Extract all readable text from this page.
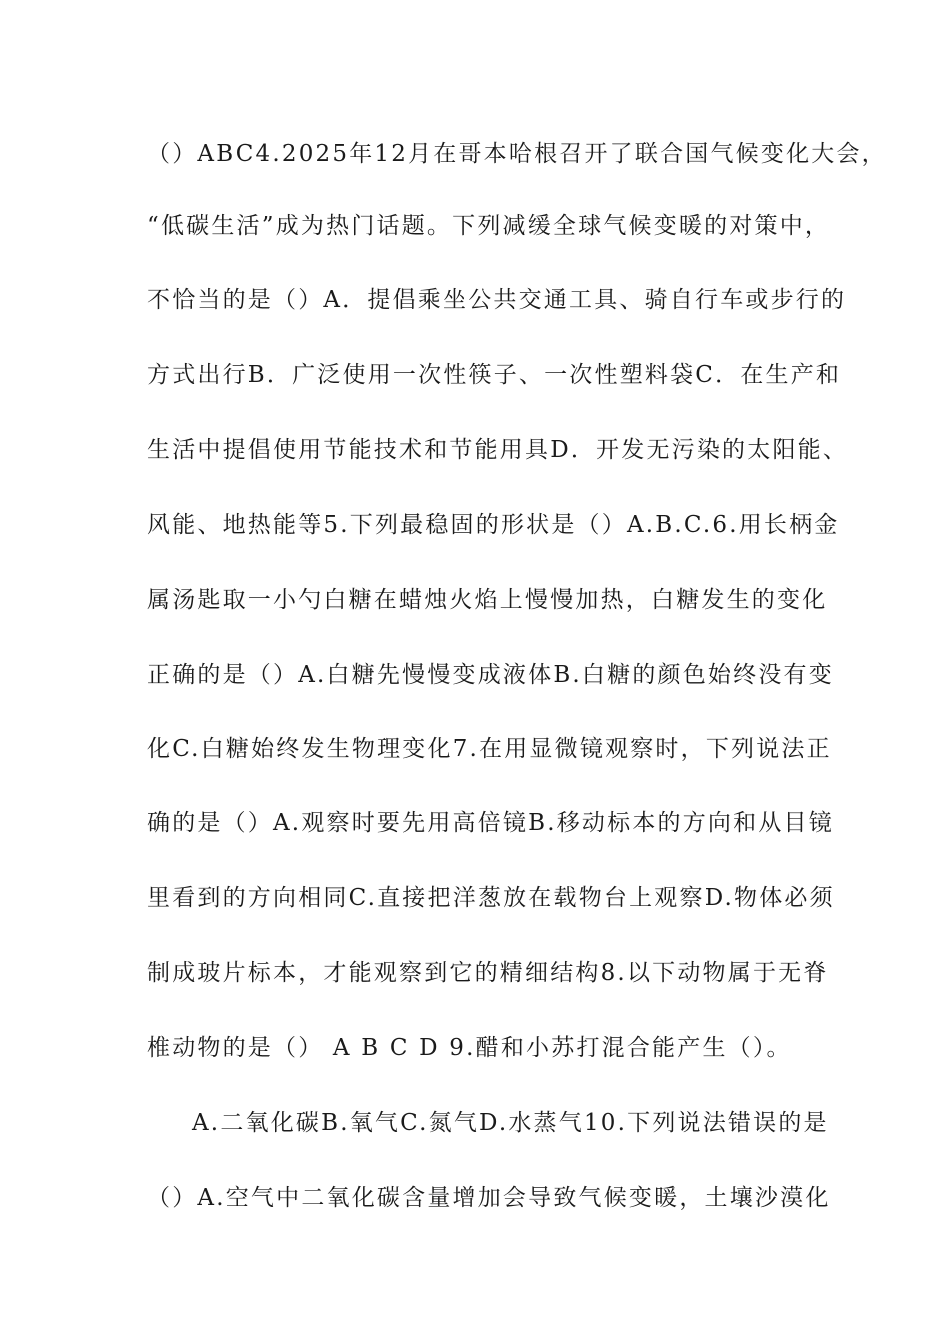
（）ABC4.2025年12月在哥本哈根召开了联合国气候变化大会，
“低碳生活”成为热门话题。下列减缓全球气候变暖的对策中，
不恰当的是（）A．提倡乘坐公共交通工具、骑自行车或步行的
方式出行B．广泛使用一次性筷子、一次性塑料袋C．在生产和
生活中提倡使用节能技术和节能用具D．开发无污染的太阳能、
风能、地热能等5.下列最稳固的形状是（）A.B.C.6.用长柄金
属汤匙取一小勺白糖在蜡烛火焰上慢慢加热，白糖发生的变化
正确的是（）A.白糖先慢慢变成液体B.白糖的颜色始终没有变
化C.白糖始终发生物理变化7.在用显微镜观察时，下列说法正
确的是（）A.观察时要先用高倍镜B.移动标本的方向和从目镜
里看到的方向相同C.直接把洋葱放在载物台上观察D.物体必须
制成玻片标本，才能观察到它的精细结构8.以下动物属于无脊
椎动物的是（） A B C D 9.醋和小苏打混合能产生（）。
A.二氧化碳B.氧气C.氮气D.水蒸气10.下列说法错误的是
（）A.空气中二氧化碳含量增加会导致气候变暖，土壤沙漠化
